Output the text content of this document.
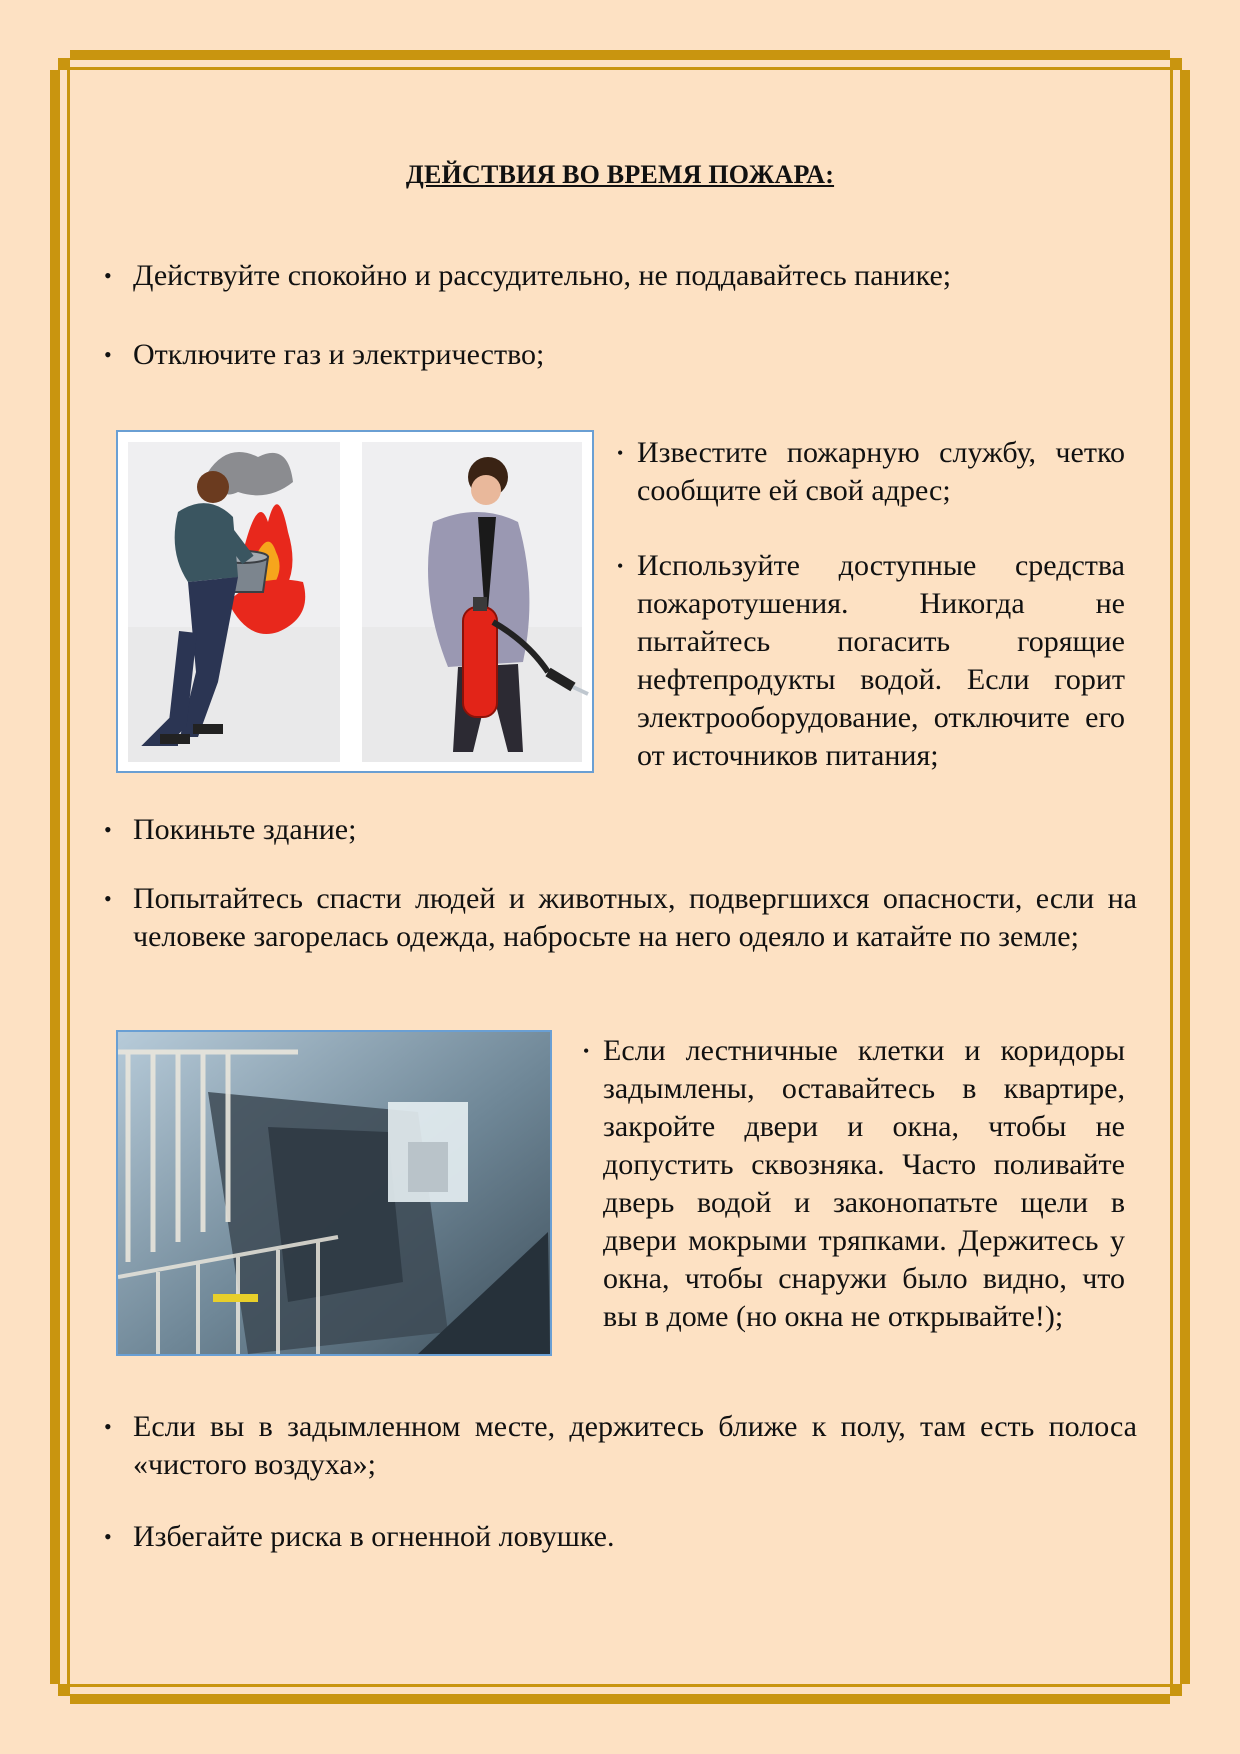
ДЕЙСТВИЯ ВО ВРЕМЯ ПОЖАРА:
• Действуйте спокойно и рассудительно, не поддавайтесь панике;
• Отключите газ и электричество;
• Известите пожарную службу, четко сообщите ей свой адрес;
• Используйте доступные средства пожаротушения. Никогда не пытайтесь погасить горящие нефтепродукты водой. Если горит электрооборудование, отключите его от источников питания;
• Покиньте здание;
• Попытайтесь спасти людей и животных, подвергшихся опасности, если на человеке загорелась одежда, набросьте на него одеяло и катайте по земле;
• Если лестничные клетки и коридоры задымлены, оставайтесь в квартире, закройте двери и окна, чтобы не допустить сквозняка. Часто поливайте дверь водой и законопатьте щели в двери мокрыми тряпками. Держитесь у окна, чтобы снаружи было видно, что вы в доме (но окна не открывайте!);
• Если вы в задымленном месте, держитесь ближе к полу, там есть полоса «чистого воздуха»;
• Избегайте риска в огненной ловушке.
